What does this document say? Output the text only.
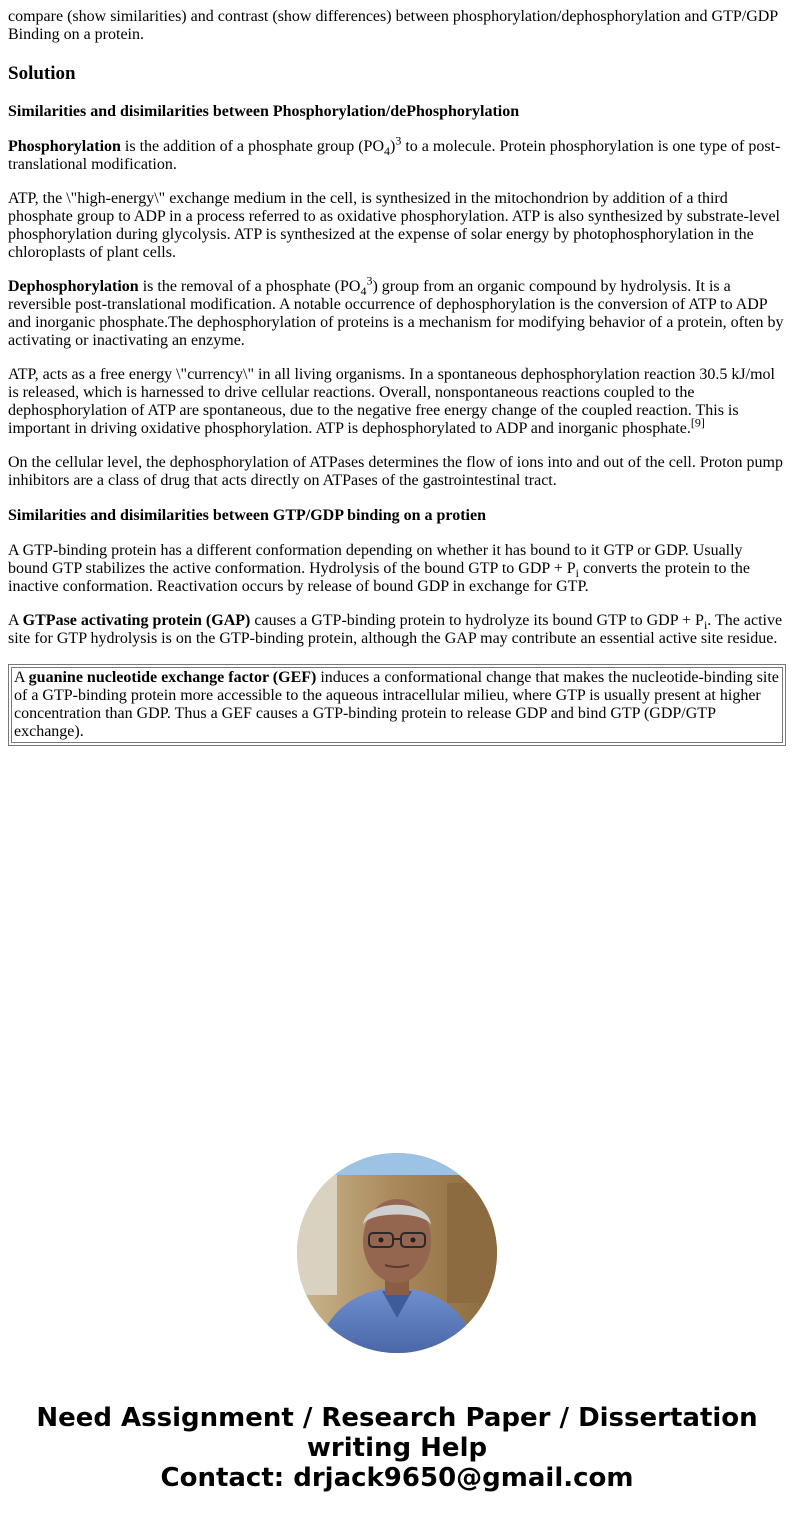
compare (show similarities) and contrast (show differences) between phosphorylation/dephosphorylation and GTP/GDP Binding on a protein.

Solution
Similarities and disimilarities between Phosphorylation/dePhosphorylation

Phosphorylation is the addition of a phosphate group $(PO_4)^3$ to a molecule. Protein phosphorylation is one type of post-translational modification.

ATP, the \"high-energy\" exchange medium in the cell, is synthesized in the mitochondrion by addition of a third phosphate group to ADP in a process referred to as oxidative phosphorylation. ATP is also synthesized by substrate-level phosphorylation during glycolysis. ATP is synthesized at the expense of solar energy by photophosphorylation in the chloroplasts of plant cells.

Dephosphorylation is the removal of a phosphate $(PO_4^3)$ group from an organic compound by hydrolysis. It is a reversible post-translational modification. A notable occurrence of dephosphorylation is the conversion of ATP to ADP and inorganic phosphate.The dephosphorylation of proteins is a mechanism for modifying behavior of a protein, often by activating or inactivating an enzyme.

ATP, acts as a free energy \"currency\" in all living organisms. In a spontaneous dephosphorylation reaction 30.5 kJ/mol is released, which is harnessed to drive cellular reactions. Overall, nonspontaneous reactions coupled to the dephosphorylation of ATP are spontaneous, due to the negative free energy change of the coupled reaction. This is important in driving oxidative phosphorylation. ATP is dephosphorylated to ADP and inorganic phosphate.[9]

On the cellular level, the dephosphorylation of ATPases determines the flow of ions into and out of the cell. Proton pump inhibitors are a class of drug that acts directly on ATPases of the gastrointestinal tract.

Similarities and disimilarities between GTP/GDP binding on a protien

A GTP-binding protein has a different conformation depending on whether it has bound to it GTP or GDP. Usually bound GTP stabilizes the active conformation. Hydrolysis of the bound GTP to GDP + $P_i$ converts the protein to the inactive conformation. Reactivation occurs by release of bound GDP in exchange for GTP.

A GTPase activating protein (GAP) causes a GTP-binding protein to hydrolyze its bound GTP to GDP + $P_i$. The active site for GTP hydrolysis is on the GTP-binding protein, although the GAP may contribute an essential active site residue.

A guanine nucleotide exchange factor (GEF) induces a conformational change that makes the nucleotide-binding site of a GTP-binding protein more accessible to the aqueous intracellular milieu, where GTP is usually present at higher concentration than GDP. Thus a GEF causes a GTP-binding protein to release GDP and bind GTP (GDP/GTP exchange).
Need Assignment / Research Paper / Dissertation
writing Help
Contact: drjack9650@gmail.com
